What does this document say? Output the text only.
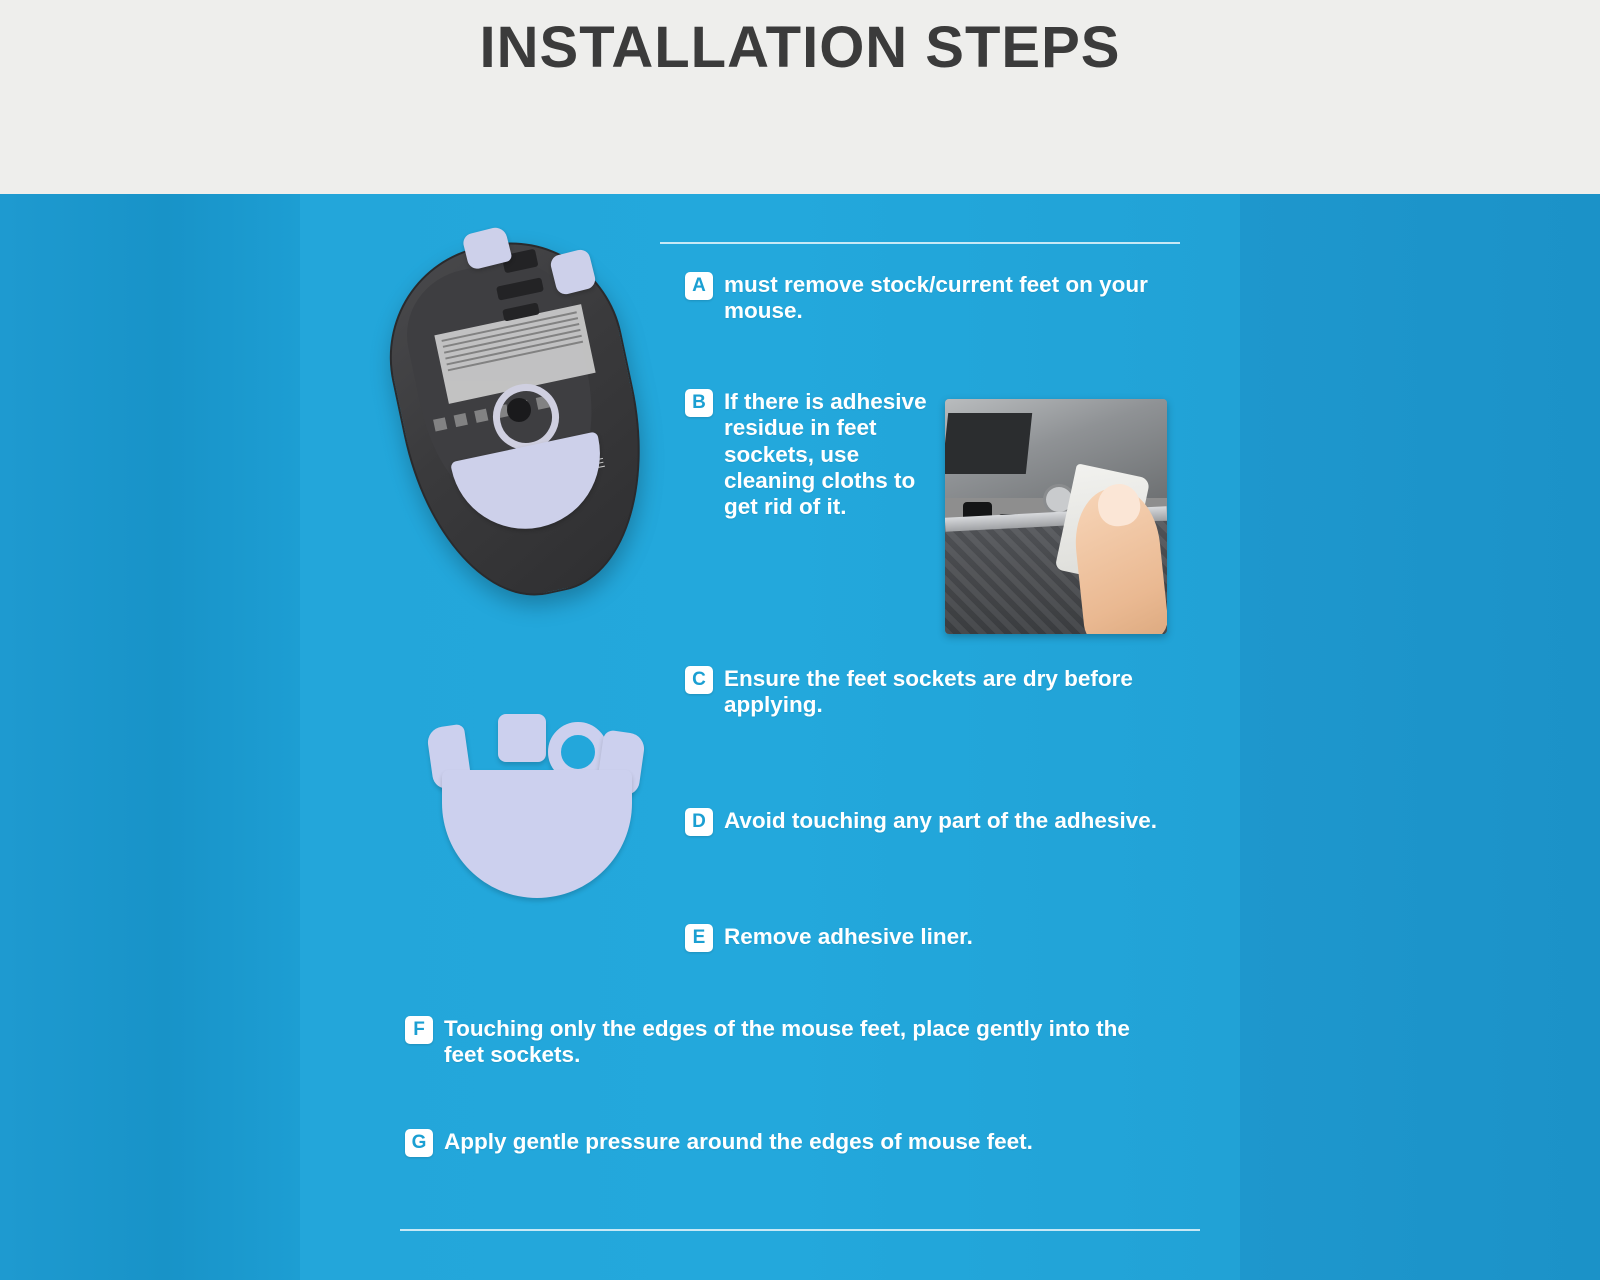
INSTALLATION STEPS
A must remove stock/current feet on your mouse.
B If there is adhesive residue in feet sockets, use cleaning cloths to get rid of it.
C Ensure the feet sockets are dry before applying.
D Avoid touching any part of the adhesive.
E Remove adhesive liner.
F Touching only the edges of the mouse feet, place gently into the feet sockets.
G Apply gentle pressure around the edges of mouse feet.
